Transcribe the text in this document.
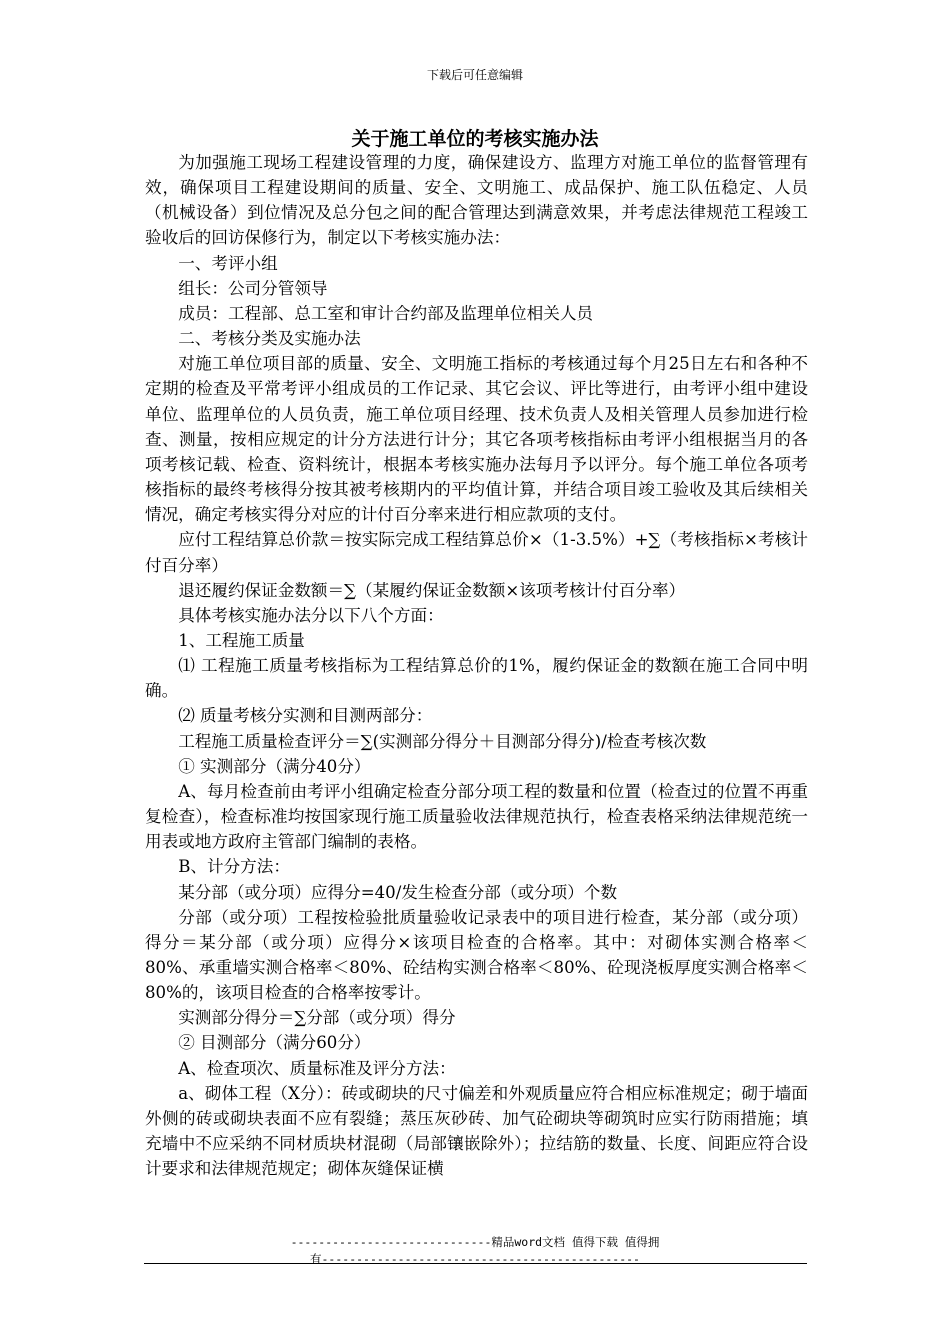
下载后可任意编辑
关于施工单位的考核实施办法

为加强施工现场工程建设管理的力度，确保建设方、监理方对施工单位的监督管理有效，确保项目工程建设期间的质量、安全、文明施工、成品保护、施工队伍稳定、人员（机械设备）到位情况及总分包之间的配合管理达到满意效果，并考虑法律规范工程竣工验收后的回访保修行为，制定以下考核实施办法：

一、考评小组

组长：公司分管领导

成员：工程部、总工室和审计合约部及监理单位相关人员

二、考核分类及实施办法

对施工单位项目部的质量、安全、文明施工指标的考核通过每个月25日左右和各种不定期的检查及平常考评小组成员的工作记录、其它会议、评比等进行，由考评小组中建设单位、监理单位的人员负责，施工单位项目经理、技术负责人及相关管理人员参加进行检查、测量，按相应规定的计分方法进行计分；其它各项考核指标由考评小组根据当月的各项考核记载、检查、资料统计，根据本考核实施办法每月予以评分。每个施工单位各项考核指标的最终考核得分按其被考核期内的平均值计算，并结合项目竣工验收及其后续相关情况，确定考核实得分对应的计付百分率来进行相应款项的支付。

应付工程结算总价款＝按实际完成工程结算总价×（1-3.5%）+∑（考核指标×考核计付百分率）

退还履约保证金数额＝∑（某履约保证金数额×该项考核计付百分率）

具体考核实施办法分以下八个方面：

1、工程施工质量

⑴ 工程施工质量考核指标为工程结算总价的1%，履约保证金的数额在施工合同中明确。

⑵ 质量考核分实测和目测两部分：

工程施工质量检查评分＝∑(实测部分得分＋目测部分得分)/检查考核次数

① 实测部分（满分40分）

A、每月检查前由考评小组确定检查分部分项工程的数量和位置（检查过的位置不再重复检查），检查标准均按国家现行施工质量验收法律规范执行，检查表格采纳法律规范统一用表或地方政府主管部门编制的表格。

B、计分方法：

某分部（或分项）应得分=40/发生检查分部（或分项）个数

分部（或分项）工程按检验批质量验收记录表中的项目进行检查，某分部（或分项）得分＝某分部（或分项）应得分×该项目检查的合格率。其中：对砌体实测合格率＜80%、承重墙实测合格率＜80%、砼结构实测合格率＜80%、砼现浇板厚度实测合格率＜80%的，该项目检查的合格率按零计。

实测部分得分＝∑分部（或分项）得分

② 目测部分（满分60分）

A、检查项次、质量标准及评分方法：

a、砌体工程（X分）：砖或砌块的尺寸偏差和外观质量应符合相应标准规定；砌于墙面外侧的砖或砌块表面不应有裂缝；蒸压灰砂砖、加气砼砌块等砌筑时应实行防雨措施；填充墙中不应采纳不同材质块材混砌（局部镶嵌除外）；拉结筋的数量、长度、间距应符合设计要求和法律规范规定；砌体灰缝保证横

-----------------------------精品word文档 值得下载 值得拥
有----------------------------------------------
